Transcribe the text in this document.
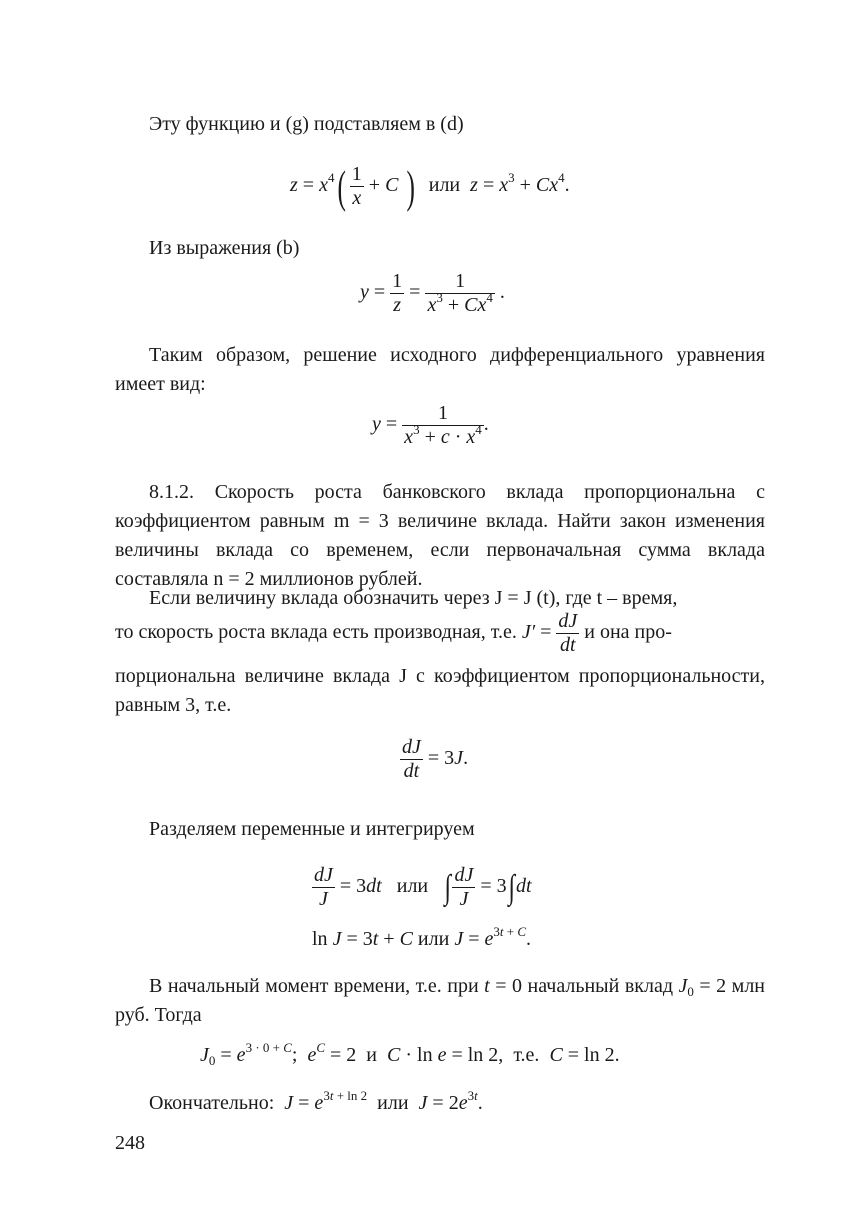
Эту функцию и (g) подставляем в (d)

$z = x^4( \frac{1}{x} + C$ ) или $z = x^3 + Cx^4$.

Из выражения (b)

$y = \frac{1}{z} = \frac{1}{x^3 + Cx^4}$ .

Таким образом, решение исходного дифференциального уравнения имеет вид:

$y = \frac{1}{x^3 + c \cdot x^4}$ .

8.1.2. Скорость роста банковского вклада пропорциональна с коэффициентом равным m = 3 величине вклада. Найти закон изменения величины вклада со временем, если первоначальная сумма вклада составляла n = 2 миллионов рублей.

Если величину вклада обозначить через J = J (t), где t – время,

то скорость роста вклада есть производная, т.е. $J' = \frac{dJ}{dt}$ и она про-

порциональна величине вклада J с коэффициентом пропорциональности, равным 3, т.е.

$\frac{dJ}{dt} = 3J$.

Разделяем переменные и интегрируем

$\frac{dJ}{J} = 3dt$ или ∫ $\frac{dJ}{J} = 3\int dt$
ln J = 3t + C или $J = e^{3t + C}$.

В начальный момент времени, т.е. при t = 0 начальный вклад $J_0 = 2$ млн руб. Тогда

$J_0 = e^{3 \cdot 0 + C}$;  $e^C = 2$  и  C · ln e = ln 2,  т.е. C = ln 2.
Окончательно: $J = e^{3t + ln 2}$ или $J = 2e^{3t}$.
248
